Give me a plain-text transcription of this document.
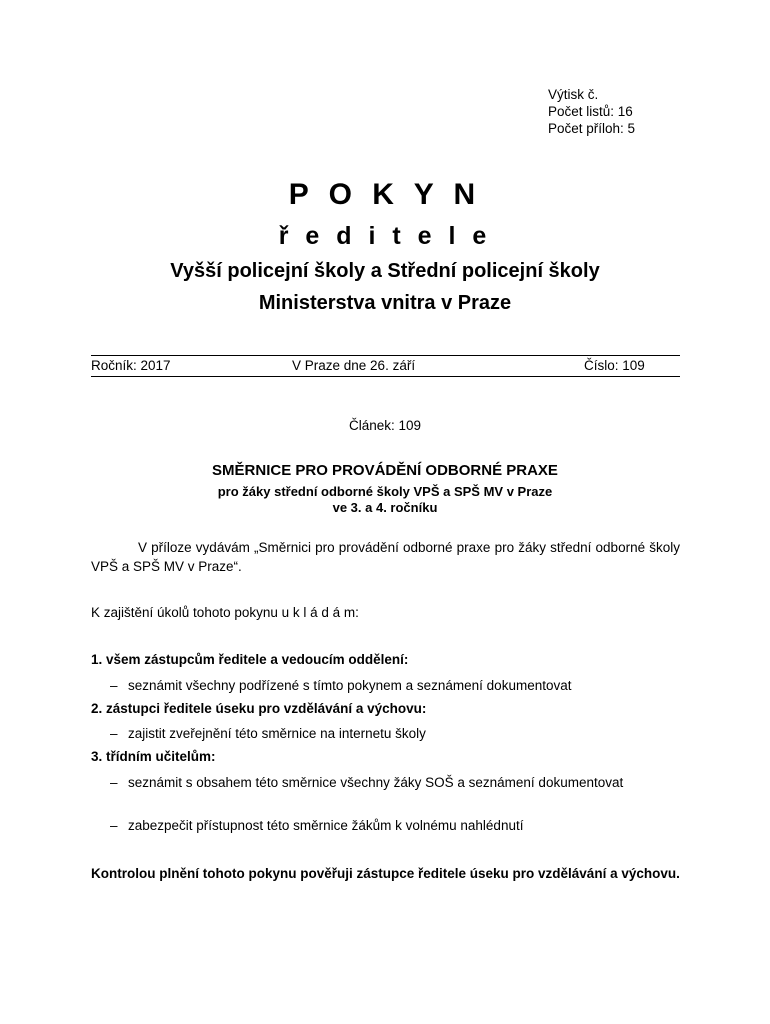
Výtisk č.
Počet listů: 16
Počet příloh: 5
P O K Y N
ř e d i t e l e
Vyšší policejní školy a Střední policejní školy
Ministerstva vnitra v Praze
Ročník: 2017	V Praze dne 26. září	Číslo: 109
Článek: 109
SMĚRNICE PRO PROVÁDĚNÍ ODBORNÉ PRAXE
pro žáky střední odborné školy VPŠ a SPŠ MV v Praze
ve 3. a 4. ročníku
V příloze vydávám „Směrnici pro provádění odborné praxe pro žáky střední odborné školy VPŠ a SPŠ MV v Praze“.
K zajištění úkolů tohoto pokynu u k l á d á m:
1. všem zástupcům ředitele a vedoucím oddělení:
– seznámit všechny podřízené s tímto pokynem a seznámení dokumentovat
2. zástupci ředitele úseku pro vzdělávání a výchovu:
– zajistit zveřejnění této směrnice na internetu školy
3. třídním učitelům:
– seznámit s obsahem této směrnice všechny žáky SOŠ a seznámení dokumentovat
– zabezpečit přístupnost této směrnice žákům k volnému nahlédnutí
Kontrolou plnění tohoto pokynu pověřuji zástupce ředitele úseku pro vzdělávání a výchovu.
